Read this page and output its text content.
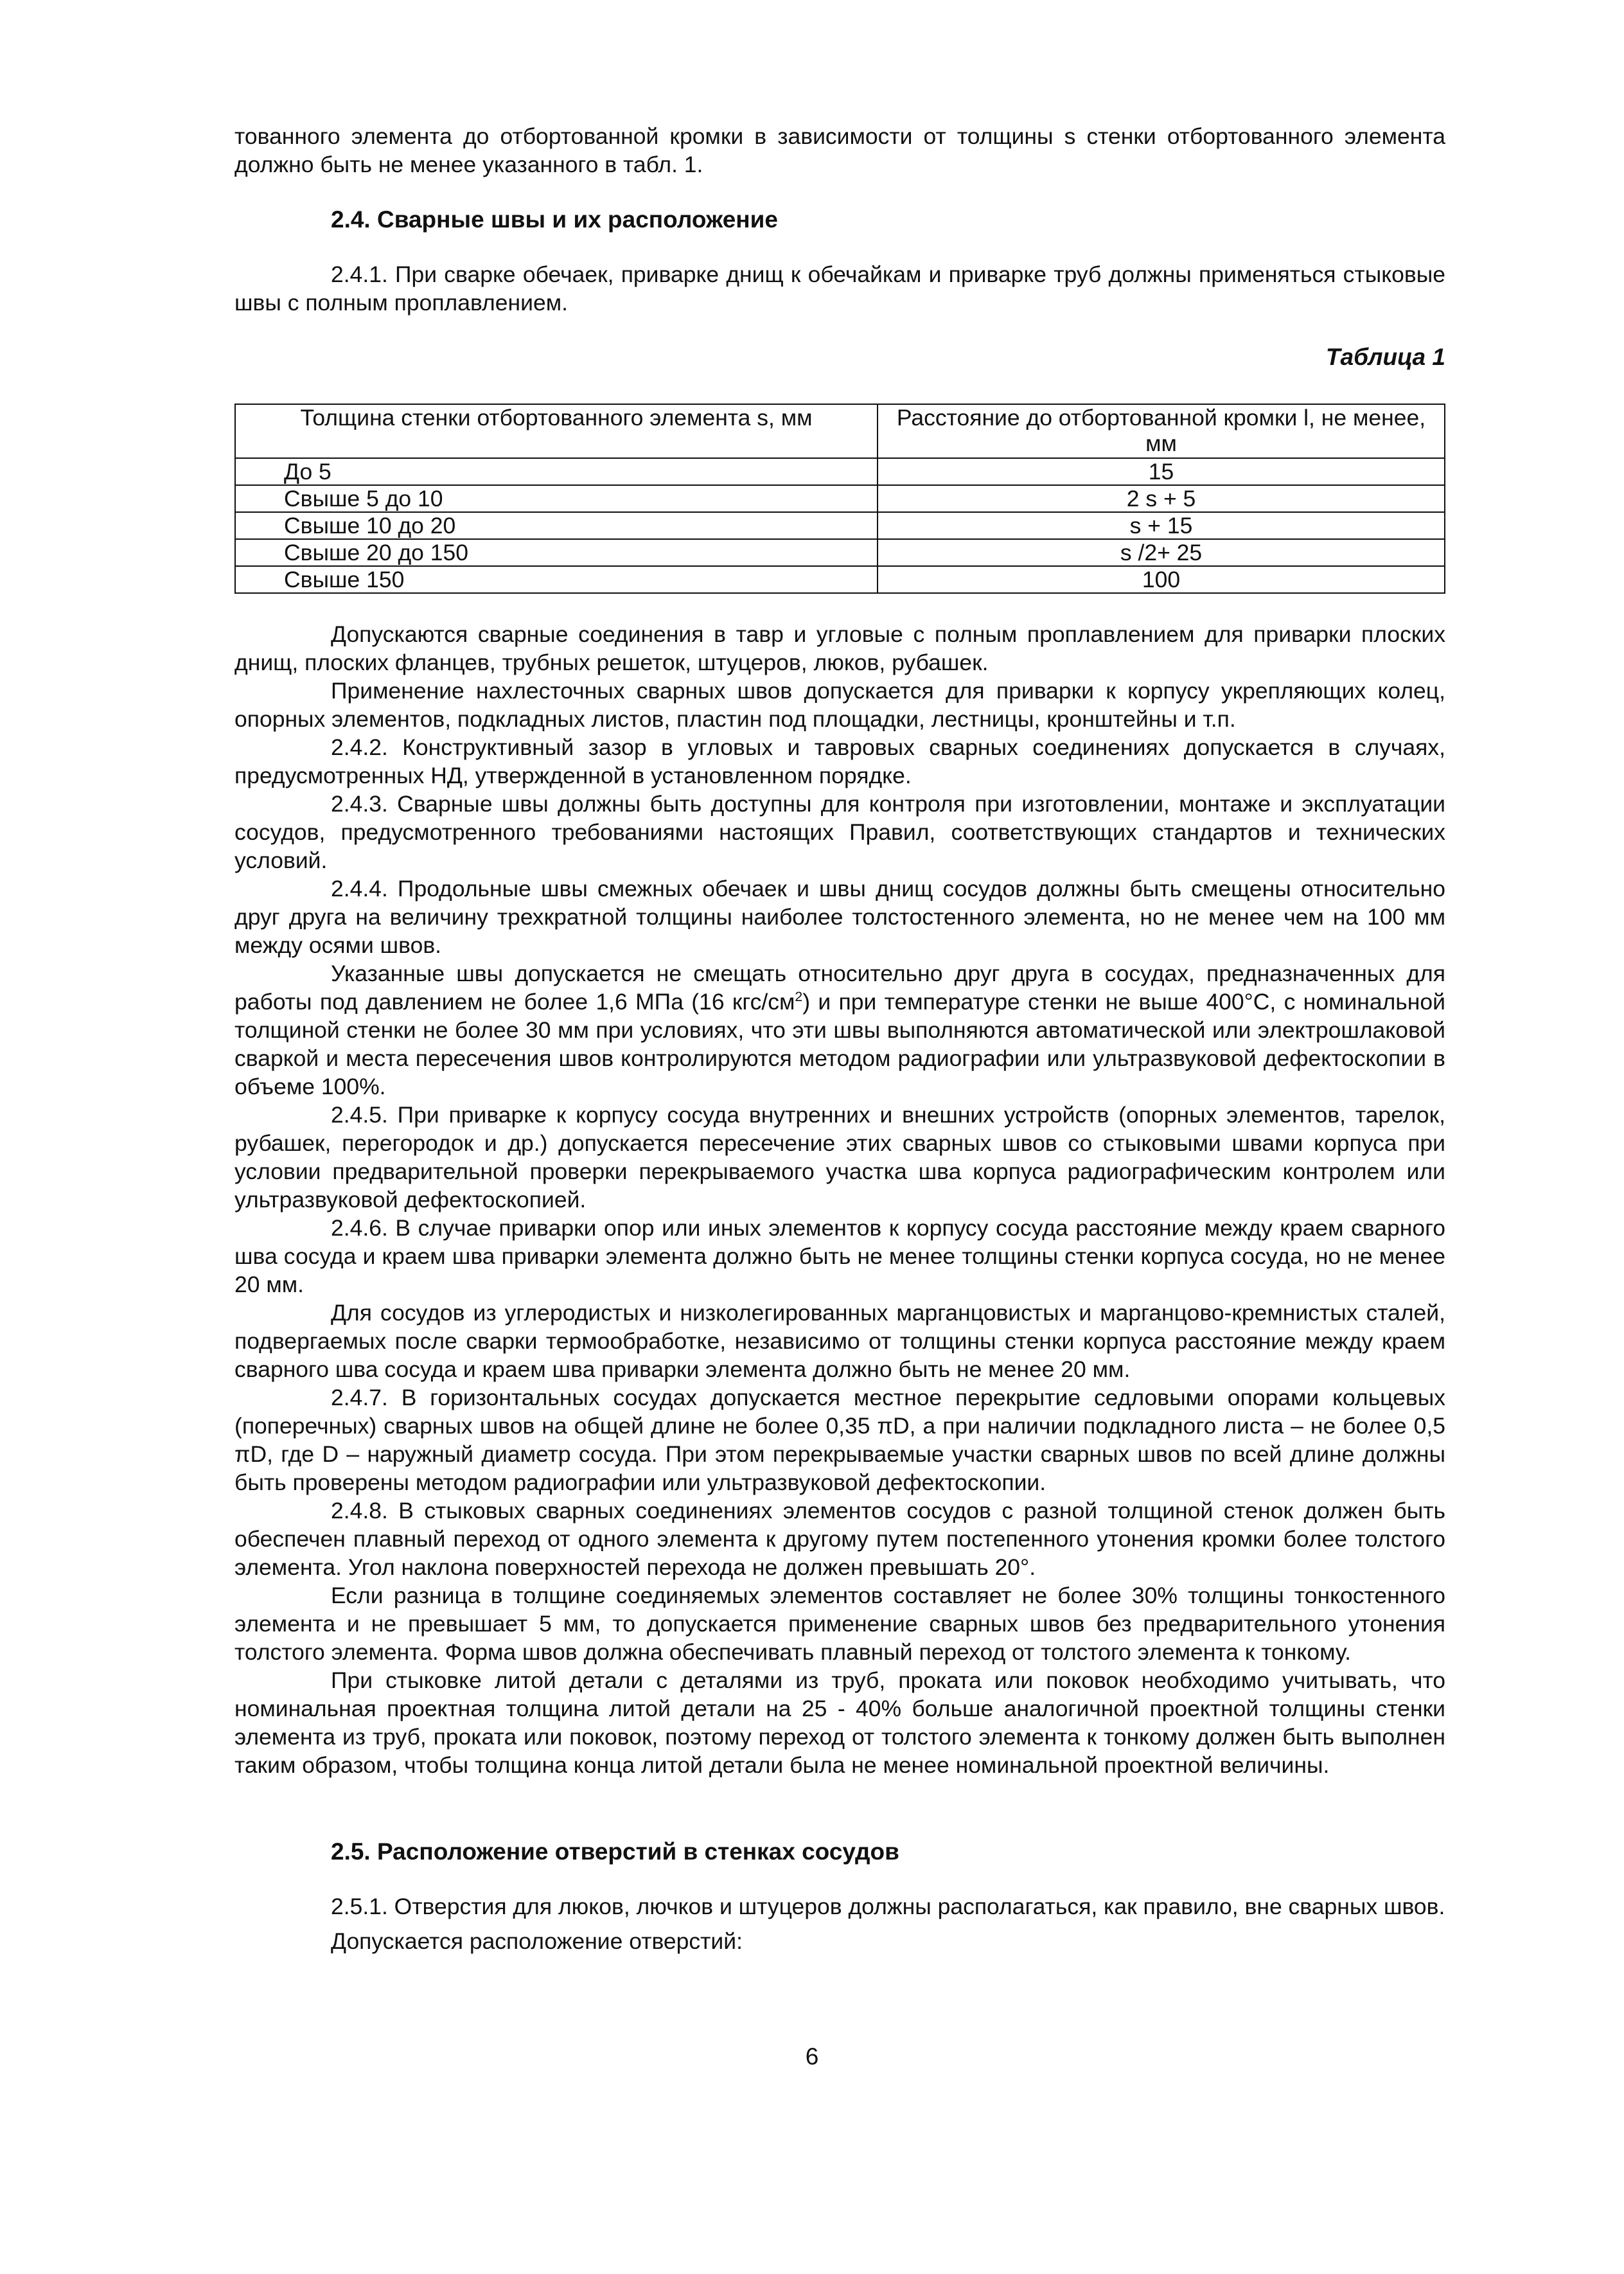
тованного элемента до отбортованной кромки в зависимости от толщины s стенки отбортованного элемента должно быть не менее указанного в табл. 1.

2.4. Сварные швы и их расположение

2.4.1. При сварке обечаек, приварке днищ к обечайкам и приварке труб должны применяться стыковые швы с полным проплавлением.

Таблица 1
Толщина стенки отбортованного элемента s, мм	Расстояние до отбортованной кромки l, не менее, мм
До 5	15
Свыше 5 до 10	2 s + 5
Свыше 10 до 20	s + 15
Свыше 20 до 150	s /2+ 25
Свыше 150	100

Допускаются сварные соединения в тавр и угловые с полным проплавлением для приварки плоских днищ, плоских фланцев, трубных решеток, штуцеров, люков, рубашек.

Применение нахлесточных сварных швов допускается для приварки к корпусу укрепляющих колец, опорных элементов, подкладных листов, пластин под площадки, лестницы, кронштейны и т.п.

2.4.2. Конструктивный зазор в угловых и тавровых сварных соединениях допускается в случаях, предусмотренных НД, утвержденной в установленном порядке.

2.4.3. Сварные швы должны быть доступны для контроля при изготовлении, монтаже и эксплуатации сосудов, предусмотренного требованиями настоящих Правил, соответствующих стандартов и технических условий.

2.4.4. Продольные швы смежных обечаек и швы днищ сосудов должны быть смещены относительно друг друга на величину трехкратной толщины наиболее толстостенного элемента, но не менее чем на 100 мм между осями швов.

Указанные швы допускается не смещать относительно друг друга в сосудах, предназначенных для работы под давлением не более 1,6 МПа (16 кгс/$см^2$) и при температуре стенки не выше 400°С, с номинальной толщиной стенки не более 30 мм при условиях, что эти швы выполняются автоматической или электрошлаковой сваркой и места пересечения швов контролируются методом радиографии или ультразвуковой дефектоскопии в объеме 100%.

2.4.5. При приварке к корпусу сосуда внутренних и внешних устройств (опорных элементов, тарелок, рубашек, перегородок и др.) допускается пересечение этих сварных швов со стыковыми швами корпуса при условии предварительной проверки перекрываемого участка шва корпуса радиографическим контролем или ультразвуковой дефектоскопией.

2.4.6. В случае приварки опор или иных элементов к корпусу сосуда расстояние между краем сварного шва сосуда и краем шва приварки элемента должно быть не менее толщины стенки корпуса сосуда, но не менее 20 мм.

Для сосудов из углеродистых и низколегированных марганцовистых и марганцово-кремнистых сталей, подвергаемых после сварки термообработке, независимо от толщины стенки корпуса расстояние между краем сварного шва сосуда и краем шва приварки элемента должно быть не менее 20 мм.

2.4.7. В горизонтальных сосудах допускается местное перекрытие седловыми опорами кольцевых (поперечных) сварных швов на общей длине не более 0,35 πD, а при наличии подкладного листа – не более 0,5 πD, где D – наружный диаметр сосуда. При этом перекрываемые участки сварных швов по всей длине должны быть проверены методом радиографии или ультразвуковой дефектоскопии.

2.4.8. В стыковых сварных соединениях элементов сосудов с разной толщиной стенок должен быть обеспечен плавный переход от одного элемента к другому путем постепенного утонения кромки более толстого элемента. Угол наклона поверхностей перехода не должен превышать 20°.

Если разница в толщине соединяемых элементов составляет не более 30% толщины тонкостенного элемента и не превышает 5 мм, то допускается применение сварных швов без предварительного утонения толстого элемента. Форма швов должна обеспечивать плавный переход от толстого элемента к тонкому.

При стыковке литой детали с деталями из труб, проката или поковок необходимо учитывать, что номинальная проектная толщина литой детали на 25 - 40% больше аналогичной проектной толщины стенки элемента из труб, проката или поковок, поэтому переход от толстого элемента к тонкому должен быть выполнен таким образом, чтобы толщина конца литой детали была не менее номинальной проектной величины.

2.5. Расположение отверстий в стенках сосудов

2.5.1. Отверстия для люков, лючков и штуцеров должны располагаться, как правило, вне сварных швов.

Допускается расположение отверстий:

6
